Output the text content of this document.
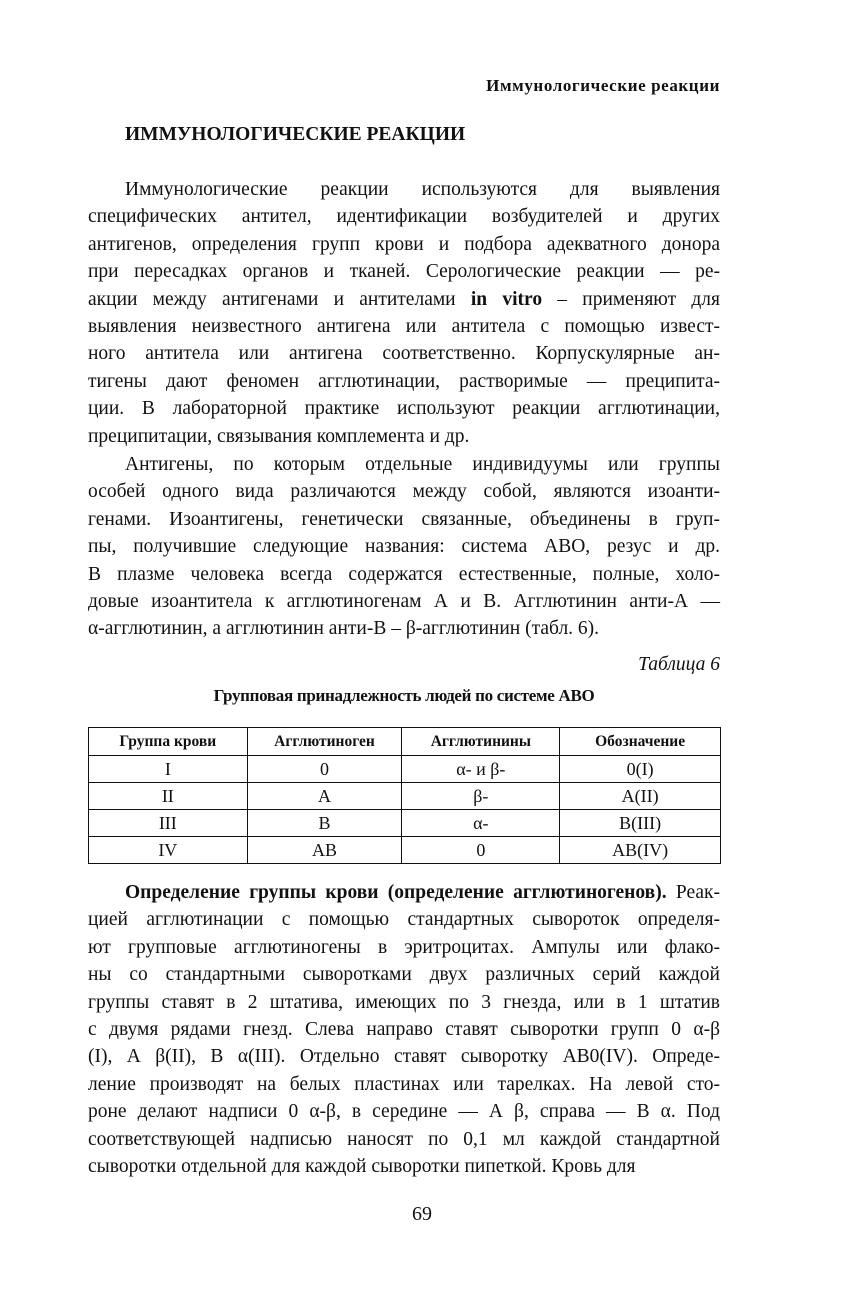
Иммунологические реакции
ИММУНОЛОГИЧЕСКИЕ РЕАКЦИИ
Иммунологические реакции используются для выявления
специфических антител, идентификации возбудителей и других
антигенов, определения групп крови и подбора адекватного донора
при пересадках органов и тканей. Серологические реакции — ре-
акции между антигенами и антителами in vitro – применяют для
выявления неизвестного антигена или антитела с помощью извест-
ного антитела или антигена соответственно. Корпускулярные ан-
тигены дают феномен агглютинации, растворимые — преципита-
ции. В лабораторной практике используют реакции агглютинации,
преципитации, связывания комплемента и др.
Антигены, по которым отдельные индивидуумы или группы
особей одного вида различаются между собой, являются изоанти-
генами. Изоантигены, генетически связанные, объединены в груп-
пы, получившие следующие названия: система АВО, резус и др.
В плазме человека всегда содержатся естественные, полные, холо-
довые изоантитела к агглютиногенам А и В. Агглютинин анти-А —
α-агглютинин, а агглютинин анти-В – β-агглютинин (табл. 6).
Таблица 6
Групповая принадлежность людей по системе АВО
Группа крови	Агглютиноген	Агглютинины	Обозначение
I	0	α- и β-	0(I)
II	A	β-	A(II)
III	B	α-	B(III)
IV	AB	0	AB(IV)
Определение группы крови (определение агглютиногенов). Реак-
цией агглютинации с помощью стандартных сывороток определя-
ют групповые агглютиногены в эритроцитах. Ампулы или флако-
ны со стандартными сыворотками двух различных серий каждой
группы ставят в 2 штатива, имеющих по 3 гнезда, или в 1 штатив
с двумя рядами гнезд. Слева направо ставят сыворотки групп 0 α-β
(I), А β(II), В α(III). Отдельно ставят сыворотку АВ0(IV). Опреде-
ление производят на белых пластинах или тарелках. На левой сто-
роне делают надписи 0 α-β, в середине — А β, справа — В α. Под
соответствующей надписью наносят по 0,1 мл каждой стандартной
сыворотки отдельной для каждой сыворотки пипеткой. Кровь для
69
